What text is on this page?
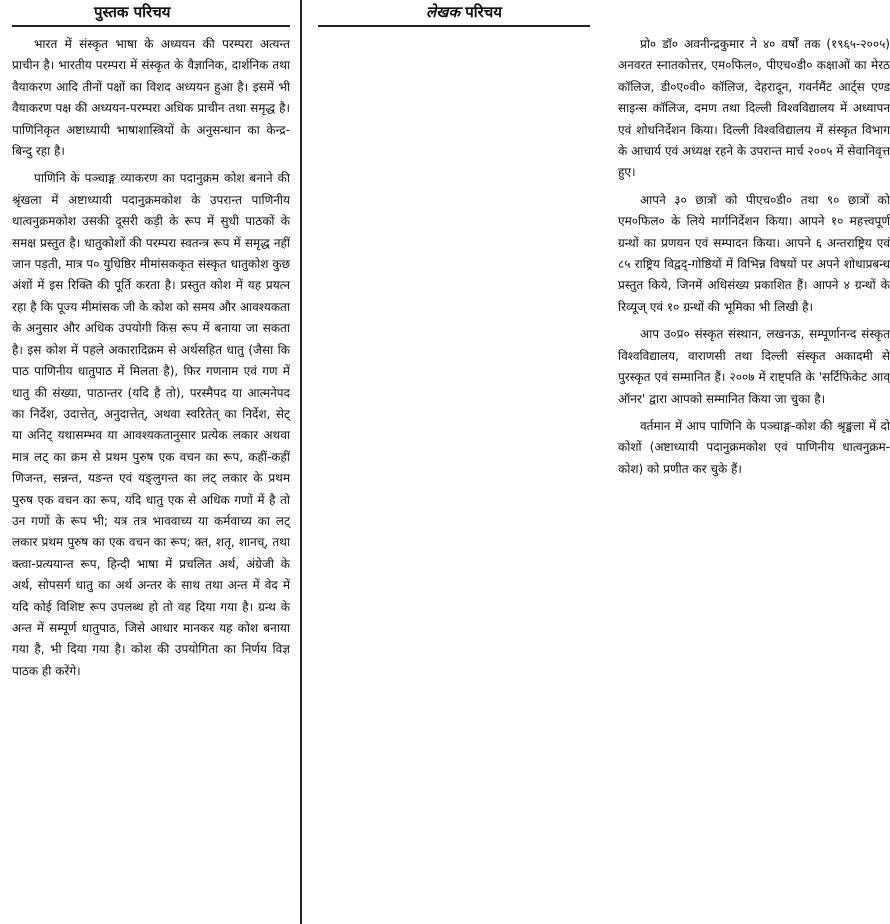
पुस्तक परिचय	लेखक परिचय

भारत में संस्कृत भाषा के अध्ययन की परम्परा अत्यन्त प्राचीन है। भारतीय परम्परा में संस्कृत के वैज्ञानिक, दार्शनिक तथा वैयाकरण आदि तीनों पक्षों का विशद अध्ययन हुआ है। इसमें भी वैयाकरण पक्ष की अध्ययन-परम्परा अधिक प्राचीन तथा समृद्ध है। पाणिनिकृत अष्टाध्यायी भाषाशास्त्रियों के अनुसन्धान का केन्द्र-बिन्दु रहा है।

पाणिनि के पञ्चाङ्ग व्याकरण का पदानुक्रम कोश बनाने की श्रृंखला में अष्टाध्यायी पदानुक्रमकोश के उपरान्त पाणिनीय धात्वनुक्रमकोश उसकी दूसरी कड़ी के रूप में सुधी पाठकों के समक्ष प्रस्तुत है। धातुकोशों की परम्परा स्वतन्त्र रूप में समृद्ध नहीं जान पड़ती, मात्र प० युधिष्ठिर मीमांसककृत संस्कृत धातुकोश कुछ अंशों में इस रिक्ति की पूर्ति करता है। प्रस्तुत कोश में यह प्रयत्न रहा है कि पूज्य मीमांसक जी के कोश को समय और आवश्यकता के अनुसार और अधिक उपयोगी किस रूप में बनाया जा सकता है। इस कोश में पहले अकारादिक्रम से अर्थसहित धातु (जैसा कि पाठ पाणिनीय धातुपाठ में मिलता है), फिर गणनाम एवं गण में धातु की संख्या, पाठान्तर (यदि है तो), परस्मैपद या आत्मनेपद का निर्देश, उदात्तेत्, अनुदात्तेत्, अथवा स्वरितेत् का निर्देश, सेट् या अनिट् यथासम्भव या आवश्यकतानुसार प्रत्येक लकार अथवा मात्र लट् का क्रम से प्रथम पुरुष एक वचन का रूप, कहीं-कहीं णिजन्त, सन्नन्त, यङन्त एवं यङ्लुगन्त का लट् लकार के प्रथम पुरुष एक वचन का रूप, यदि धातु एक से अधिक गणों में है तो उन गणों के रूप भी; यत्र तत्र भाववाच्य या कर्मवाच्य का लट् लकार प्रथम पुरुष का एक वचन का रूप; क्त, शतृ, शानच्, तथा क्त्वा-प्रत्ययान्त रूप, हिन्दी भाषा में प्रचलित अर्थ, अंग्रेजी के अर्थ, सोपसर्ग धातु का अर्थ अन्तर के साथ तथा अन्त में वेद में यदि कोई विशिष्ट रूप उपलब्ध हो तो वह दिया गया है। ग्रन्थ के अन्त में सम्पूर्ण धातुपाठ, जिसे आधार मानकर यह कोश बनाया गया है, भी दिया गया है। कोश की उपयोगिता का निर्णय विज्ञ पाठक ही करेंगे।

प्रो० डॉ० अवनीन्द्रकुमार ने ४० वर्षों तक (१९६५-२००५) अनवरत स्नातकोत्तर, एम०फिल०, पीएच०डी० कक्षाओं का मेरठ कॉलिज, डी०ए०वी० कॉलिज, देहरादून, गवर्नमैंट आर्ट्स एण्ड साइन्स कॉलिज, दमण तथा दिल्ली विश्वविद्यालय में अध्यापन एवं शोधनिर्देशन किया। दिल्ली विश्वविद्यालय में संस्कृत विभाग के आचार्य एवं अध्यक्ष रहने के उपरान्त मार्च २००५ में सेवानिवृत्त हुए।

आपने ३० छात्रों को पीएच०डी० तथा ९० छात्रों को एम०फिल० के लिये मार्गनिर्देशन किया। आपने १० महत्त्वपूर्ण ग्रन्थों का प्रणयन एवं सम्पादन किया। आपने ६ अन्तराष्ट्रिय एवं ८५ राष्ट्रिय विद्वद्-गोष्ठियों में विभिन्न विषयों पर अपने शोधाप्रबन्ध प्रस्तुत किये, जिनमें अधिसंख्य प्रकाशित हैं। आपने ४ ग्रन्थों के रिव्यूज् एवं १० ग्रन्थों की भूमिका भी लिखी है।

आप उ०प्र० संस्कृत संस्थान, लखनऊ, सम्पूर्णानन्द संस्कृत विश्वविद्यालय, वाराणसी तथा दिल्ली संस्कृत अकादमी से पुरस्कृत एवं सम्मानित हैं। २००७ में राष्ट्पति के 'सर्टिफिकेट आव् ऑनर' द्वारा आपको सम्मानित किया जा चुका है।

वर्तमान में आप पाणिनि के पञ्चाङ्ग-कोश की श्रृङ्खला में दो कोशों (अष्टाध्यायी पदानुक्रमकोश एवं पाणिनीय धात्वनुक्रम-कोश) को प्रणीत कर चुके हैं।
